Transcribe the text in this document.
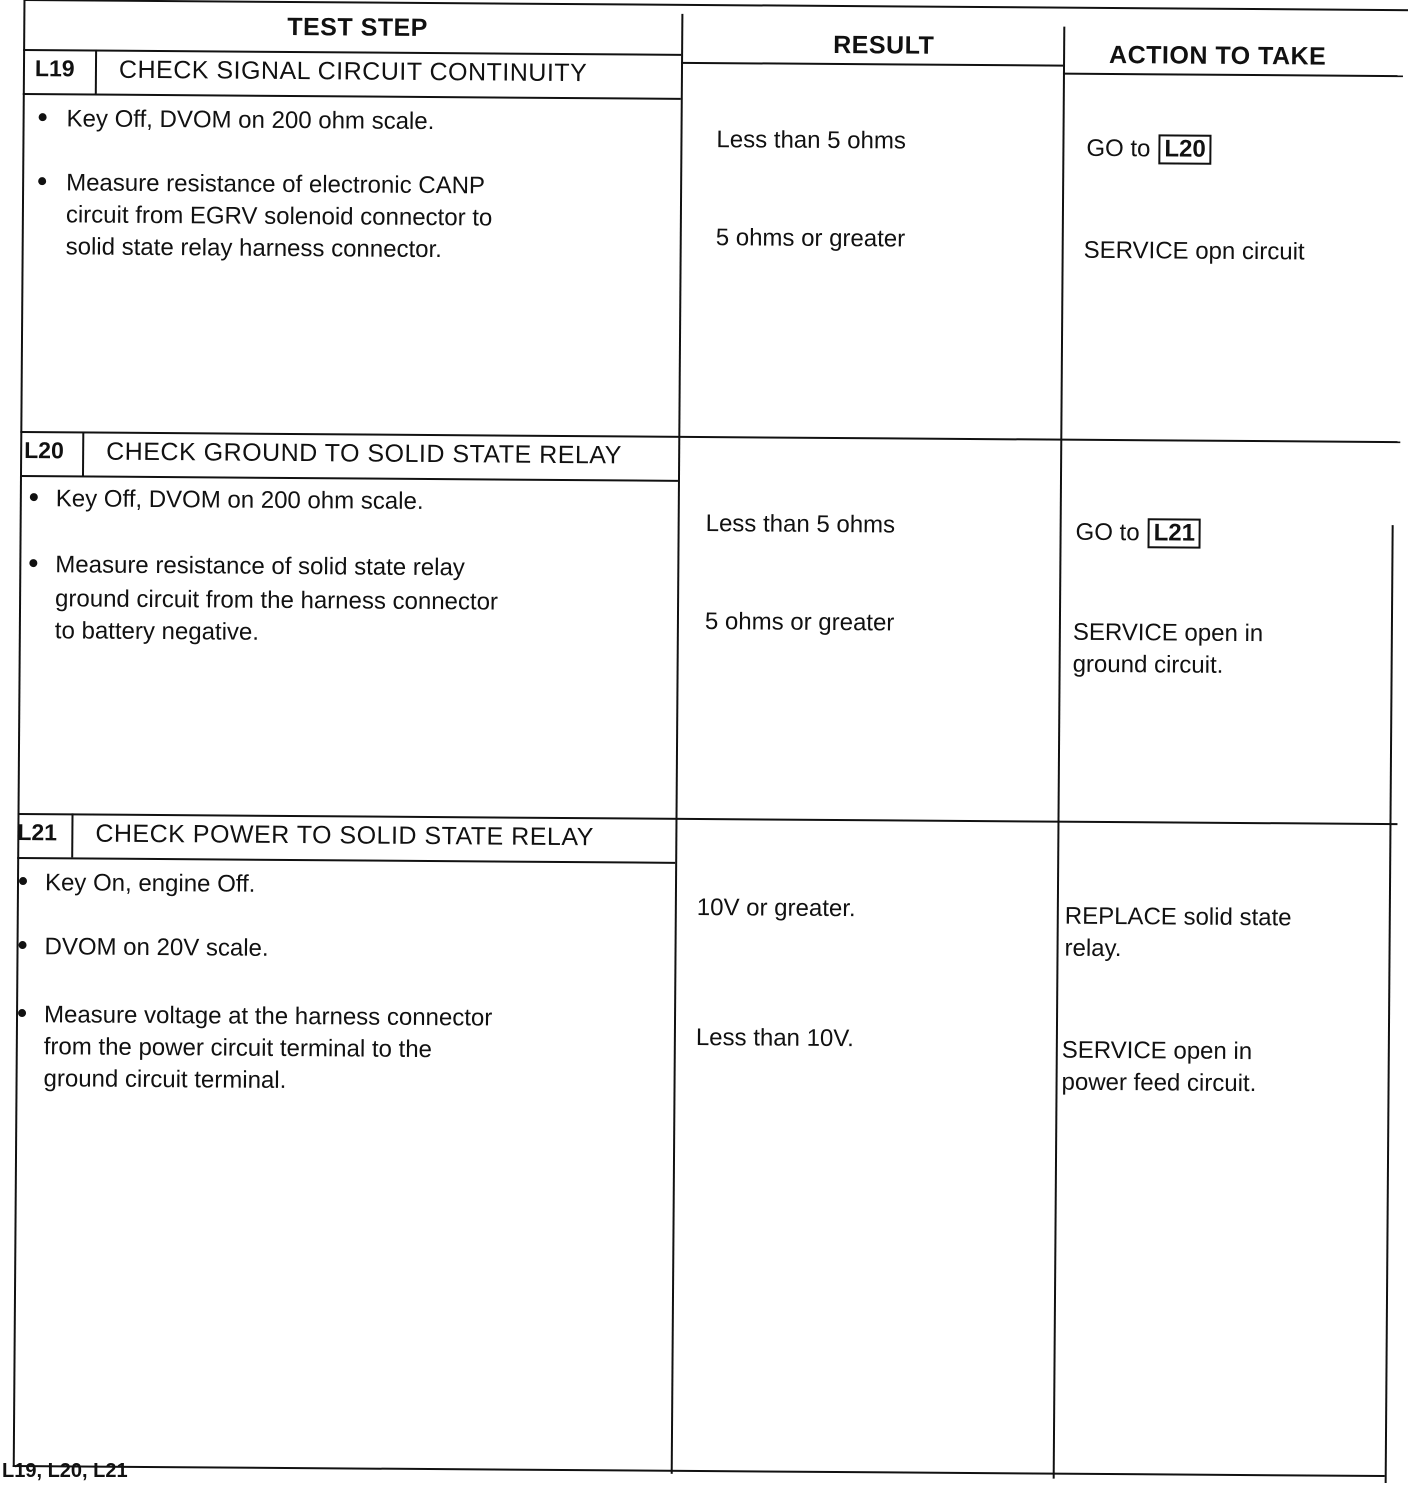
TEST STEP
RESULT	ACTION TO TAKE
L19 CHECK SIGNAL CIRCUIT CONTINUITY
Key Off, DVOM on 200 ohm scale.
Measure resistance of electronic CANP
circuit from EGRV solenoid connector to
solid state relay harness connector.
Less than 5 ohms
5 ohms or greater
GO to L20
SERVICE opn circuit
L20 CHECK GROUND TO SOLID STATE RELAY
Key Off, DVOM on 200 ohm scale.
Measure resistance of solid state relay
ground circuit from the harness connector
to battery negative.
Less than 5 ohms
5 ohms or greater
GO to L21
SERVICE open in
ground circuit.
L21 CHECK POWER TO SOLID STATE RELAY
Key On, engine Off.
DVOM on 20V scale.
Measure voltage at the harness connector
from the power circuit terminal to the
ground circuit terminal.
10V or greater.
Less than 10V.
REPLACE solid state
relay.
SERVICE open in
power feed circuit.
L19, L20, L21
